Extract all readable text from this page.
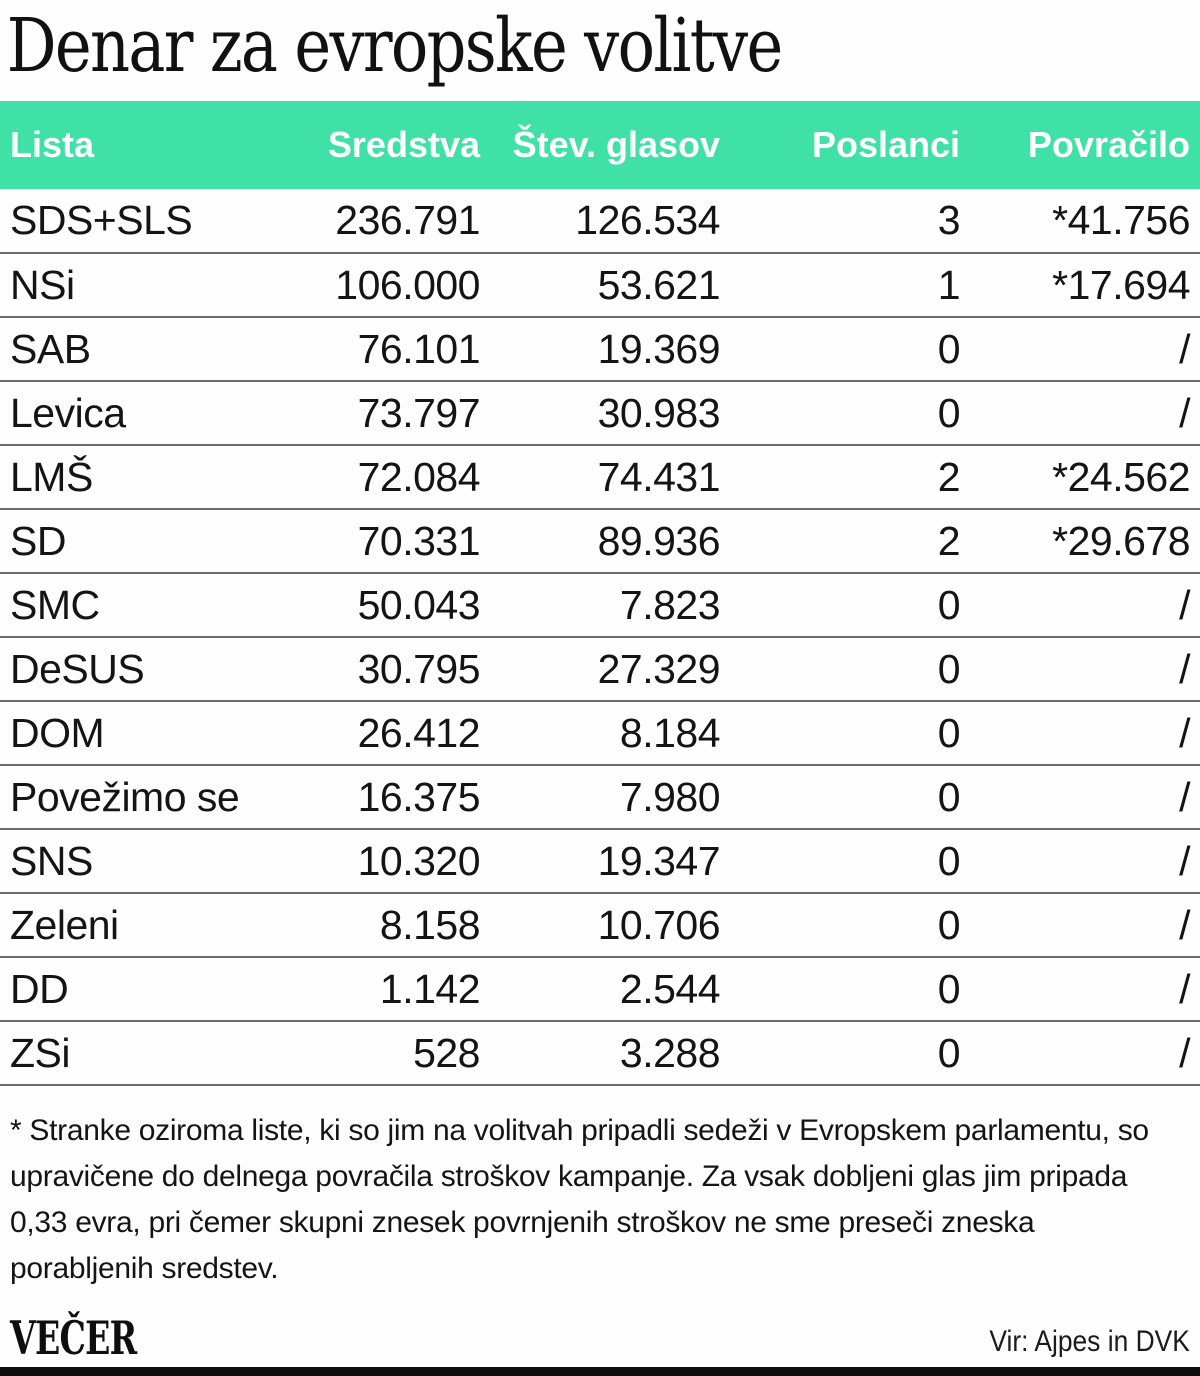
Denar za evropske volitve
Lista	Sredstva	Štev. glasov	Poslanci	Povračilo
SDS+SLS	236.791	126.534	3	*41.756
NSi	106.000	53.621	1	*17.694
SAB	76.101	19.369	0	/
Levica	73.797	30.983	0	/
LMŠ	72.084	74.431	2	*24.562
SD	70.331	89.936	2	*29.678
SMC	50.043	7.823	0	/
DeSUS	30.795	27.329	0	/
DOM	26.412	8.184	0	/
Povežimo se	16.375	7.980	0	/
SNS	10.320	19.347	0	/
Zeleni	8.158	10.706	0	/
DD	1.142	2.544	0	/
ZSi	528	3.288	0	/

* Stranke oziroma liste, ki so jim na volitvah pripadli sedeži v Evropskem parlamentu, so upravičene do delnega povračila stroškov kampanje. Za vsak dobljeni glas jim pripada 0,33 evra, pri čemer skupni znesek povrnjenih stroškov ne sme preseči zneska porabljenih sredstev.

VEČER	Vir: Ajpes in DVK
